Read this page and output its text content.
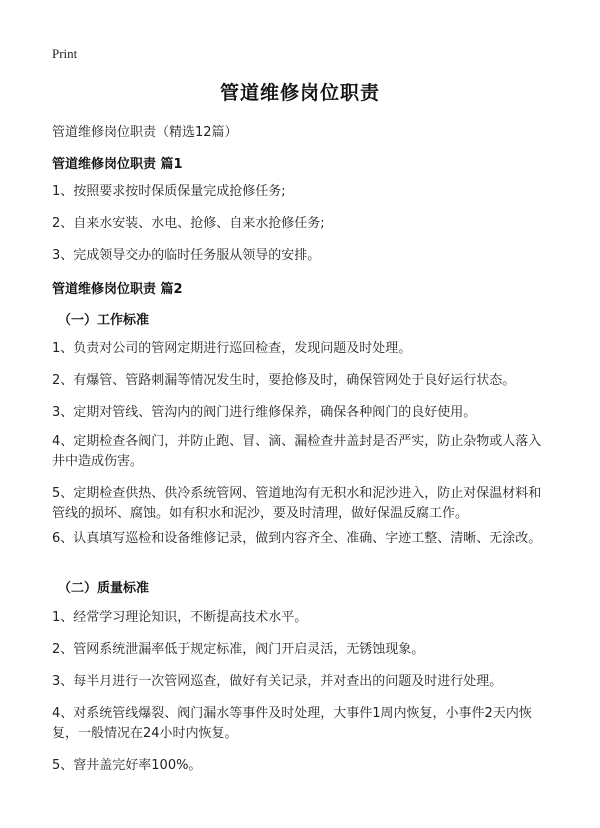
Print
管道维修岗位职责
管道维修岗位职责（精选12篇）
管道维修岗位职责 篇1
1、按照要求按时保质保量完成抢修任务;
2、自来水安装、水电、抢修、自来水抢修任务;
3、完成领导交办的临时任务服从领导的安排。
管道维修岗位职责 篇2
（一）工作标准
1、负责对公司的管网定期进行巡回检查，发现问题及时处理。
2、有爆管、管路刺漏等情况发生时，要抢修及时，确保管网处于良好运行状态。
3、定期对管线、管沟内的阀门进行维修保养，确保各种阀门的良好使用。
4、定期检查各阀门，并防止跑、冒、滴、漏检查井盖封是否严实，防止杂物或人落入井中造成伤害。
5、定期检查供热、供冷系统管网、管道地沟有无积水和泥沙进入，防止对保温材料和管线的损坏、腐蚀。如有积水和泥沙，要及时清理，做好保温反腐工作。
6、认真填写巡检和设备维修记录，做到内容齐全、准确、字迹工整、清晰、无涂改。
（二）质量标准
1、经常学习理论知识，不断提高技术水平。
2、管网系统泄漏率低于规定标准，阀门开启灵活，无锈蚀现象。
3、每半月进行一次管网巡查，做好有关记录，并对查出的问题及时进行处理。
4、对系统管线爆裂、阀门漏水等事件及时处理，大事件1周内恢复，小事件2天内恢复，一般情况在24小时内恢复。
5、窨井盖完好率100%。
